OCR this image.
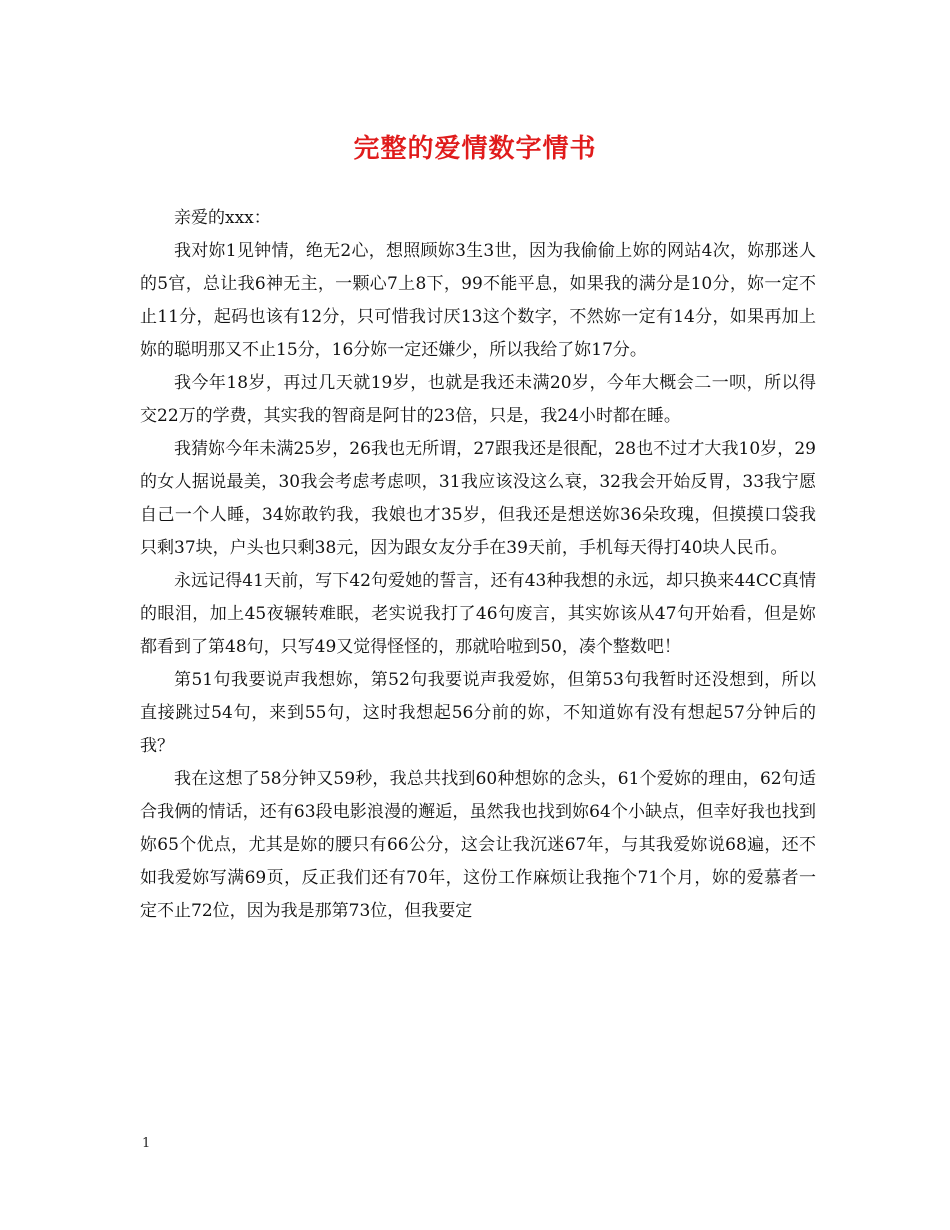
完整的爱情数字情书

亲爱的xxx：

我对妳1见钟情，绝无2心，想照顾妳3生3世，因为我偷偷上妳的网站4次，妳那迷人的5官，总让我6神无主，一颗心7上8下，99不能平息，如果我的满分是10分，妳一定不止11分，起码也该有12分，只可惜我讨厌13这个数字，不然妳一定有14分，如果再加上妳的聪明那又不止15分，16分妳一定还嫌少，所以我给了妳17分。

我今年18岁，再过几天就19岁，也就是我还未满20岁，今年大概会二一呗，所以得交22万的学费，其实我的智商是阿甘的23倍，只是，我24小时都在睡。

我猜妳今年未满25岁，26我也无所谓，27跟我还是很配，28也不过才大我10岁，29的女人据说最美，30我会考虑考虑呗，31我应该没这么衰，32我会开始反胃，33我宁愿自己一个人睡，34妳敢钓我，我娘也才35岁，但我还是想送妳36朵玫瑰，但摸摸口袋我只剩37块，户头也只剩38元，因为跟女友分手在39天前，手机每天得打40块人民币。

永远记得41天前，写下42句爱她的誓言，还有43种我想的永远，却只换来44CC真情的眼泪，加上45夜辗转难眠，老实说我打了46句废言，其实妳该从47句开始看，但是妳都看到了第48句，只写49又觉得怪怪的，那就哈啦到50，凑个整数吧！

第51句我要说声我想妳，第52句我要说声我爱妳，但第53句我暂时还没想到，所以直接跳过54句，来到55句，这时我想起56分前的妳，不知道妳有没有想起57分钟后的我？

我在这想了58分钟又59秒，我总共找到60种想妳的念头，61个爱妳的理由，62句适合我俩的情话，还有63段电影浪漫的邂逅，虽然我也找到妳64个小缺点，但幸好我也找到妳65个优点，尤其是妳的腰只有66公分，这会让我沉迷67年，与其我爱妳说68遍，还不如我爱妳写满69页，反正我们还有70年，这份工作麻烦让我拖个71个月，妳的爱慕者一定不止72位，因为我是那第73位，但我要定

1
